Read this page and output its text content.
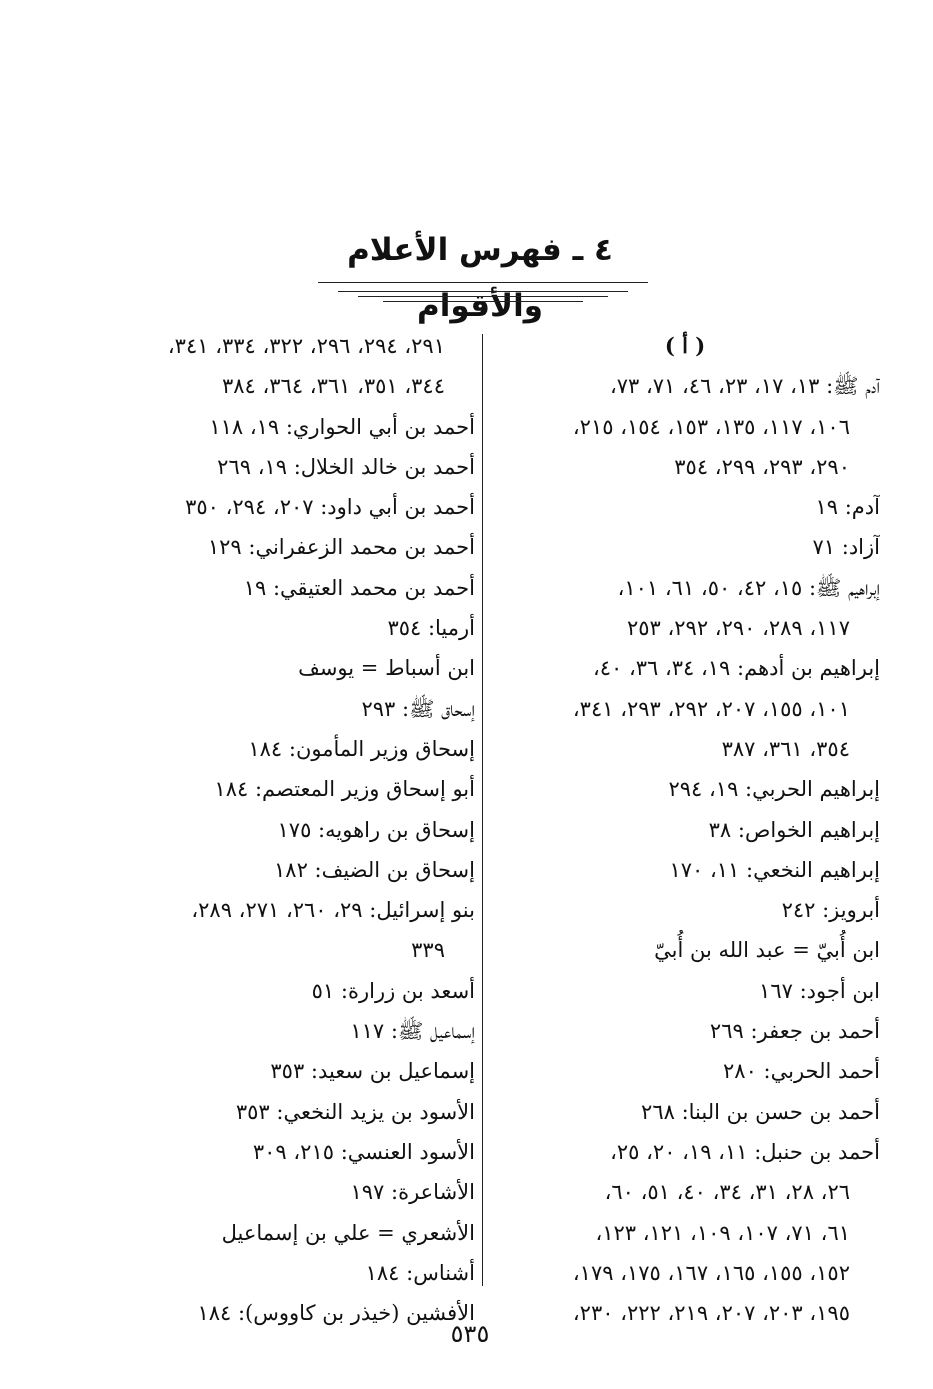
٤ ـ فهرس الأعلام والأقوام
( أ )
آدم ﷺ: ١٣، ١٧، ٢٣، ٤٦، ٧١، ٧٣،
١٠٦، ١١٧، ١٣٥، ١٥٣، ١٥٤، ٢١٥،
٢٩٠، ٢٩٣، ٢٩٩، ٣٥٤
آدم: ١٩
آزاد: ٧١
إبراهيم ﷺ: ١٥، ٤٢، ٥٠، ٦١، ١٠١،
١١٧، ٢٨٩، ٢٩٠، ٢٩٢، ٢٥٣
إبراهيم بن أدهم: ١٩، ٣٤، ٣٦، ٤٠،
١٠١، ١٥٥، ٢٠٧، ٢٩٢، ٢٩٣، ٣٤١،
٣٥٤، ٣٦١، ٣٨٧
إبراهيم الحربي: ١٩، ٢٩٤
إبراهيم الخواص: ٣٨
إبراهيم النخعي: ١١، ١٧٠
أبرويز: ٢٤٢
ابن أُبيّ = عبد الله بن أُبيّ
ابن أجود: ١٦٧
أحمد بن جعفر: ٢٦٩
أحمد الحربي: ٢٨٠
أحمد بن حسن بن البنا: ٢٦٨
أحمد بن حنبل: ١١، ١٩، ٢٠، ٢٥،
٢٦، ٢٨، ٣١، ٣٤، ٤٠، ٥١، ٦٠،
٦١، ٧١، ١٠٧، ١٠٩، ١٢١، ١٢٣،
١٥٢، ١٥٥، ١٦٥، ١٦٧، ١٧٥، ١٧٩،
١٩٥، ٢٠٣، ٢٠٧، ٢١٩، ٢٢٢، ٢٣٠،
٢٩١، ٢٩٤، ٢٩٦، ٣٢٢، ٣٣٤، ٣٤١،
٣٤٤، ٣٥١، ٣٦١، ٣٦٤، ٣٨٤
أحمد بن أبي الحواري: ١٩، ١١٨
أحمد بن خالد الخلال: ١٩، ٢٦٩
أحمد بن أبي داود: ٢٠٧، ٢٩٤، ٣٥٠
أحمد بن محمد الزعفراني: ١٢٩
أحمد بن محمد العتيقي: ١٩
أرميا: ٣٥٤
ابن أسباط = يوسف
إسحاق ﷺ: ٢٩٣
إسحاق وزير المأمون: ١٨٤
أبو إسحاق وزير المعتصم: ١٨٤
إسحاق بن راهويه: ١٧٥
إسحاق بن الضيف: ١٨٢
بنو إسرائيل: ٢٩، ٢٦٠، ٢٧١، ٢٨٩،
٣٣٩
أسعد بن زرارة: ٥١
إسماعيل ﷺ: ١١٧
إسماعيل بن سعيد: ٣٥٣
الأسود بن يزيد النخعي: ٣٥٣
الأسود العنسي: ٢١٥، ٣٠٩
الأشاعرة: ١٩٧
الأشعري = علي بن إسماعيل
أشناس: ١٨٤
الأفشين (خيذر بن كاووس): ١٨٤
٥٣٥
